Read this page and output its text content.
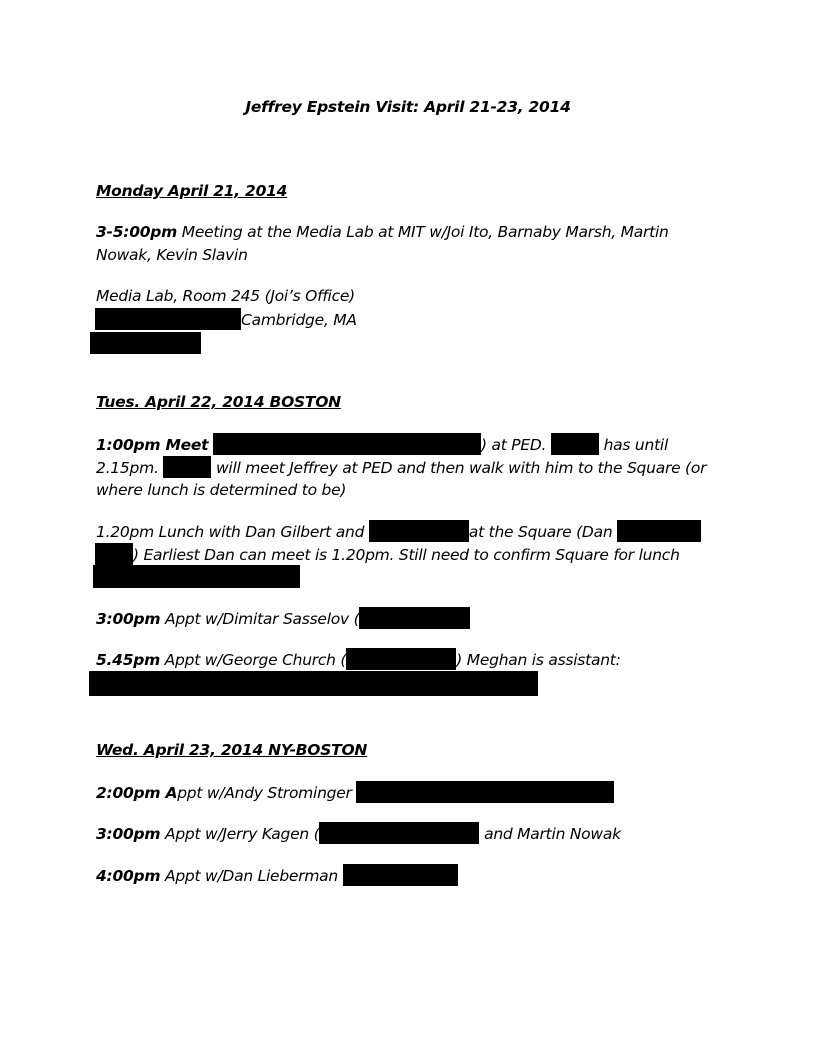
Jeffrey Epstein Visit: April 21-23, 2014
Monday April 21, 2014
3-5:00pm Meeting at the Media Lab at MIT w/Joi Ito, Barnaby Marsh, Martin
Nowak, Kevin Slavin
Media Lab, Room 245 (Joi’s Office)
Cambridge, MA
Tues. April 22, 2014 BOSTON
1:00pm Meet	) at PED.	has until
2.15pm.	will meet Jeffrey at PED and then walk with him to the Square (or
where lunch is determined to be)
1.20pm Lunch with Dan Gilbert and	at the Square (Dan
) Earliest Dan can meet is 1.20pm. Still need to confirm Square for lunch
3:00pm Appt w/Dimitar Sasselov (
5.45pm Appt w/George Church (	) Meghan is assistant:
Wed. April 23, 2014 NY-BOSTON
2:00pm Appt w/Andy Strominger
3:00pm Appt w/Jerry Kagen (	and Martin Nowak
4:00pm Appt w/Dan Lieberman
